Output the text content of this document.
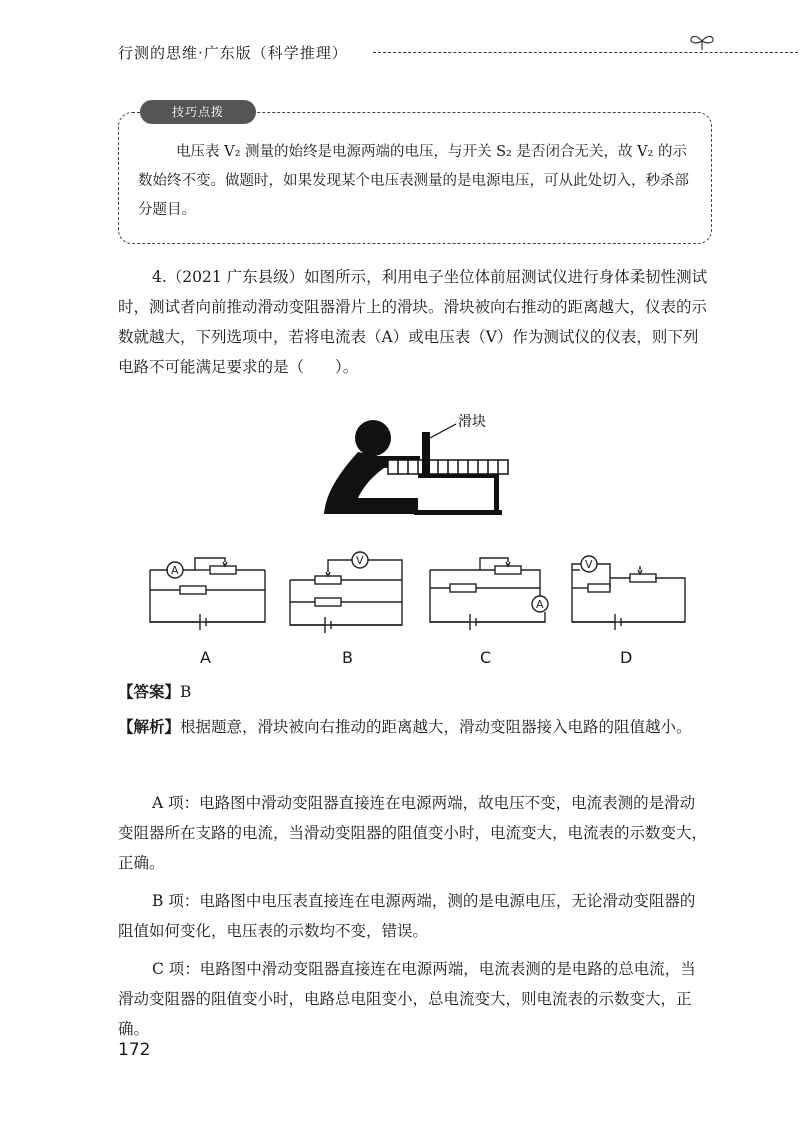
行测的思维·广东版（科学推理）
技巧点拨
电压表 V₂ 测量的始终是电源两端的电压，与开关 S₂ 是否闭合无关，故 V₂ 的示数始终不变。做题时，如果发现某个电压表测量的是电源电压，可从此处切入，秒杀部分题目。
4.（2021 广东县级）如图所示，利用电子坐位体前屈测试仪进行身体柔韧性测试时，测试者向前推动滑动变阻器滑片上的滑块。滑块被向右推动的距离越大，仪表的示数就越大，下列选项中，若将电流表（A）或电压表（V）作为测试仪的仪表，则下列电路不可能满足要求的是（　　）。
滑块
A
V
A
V
A	B	C	D
【答案】B
【解析】根据题意，滑块被向右推动的距离越大，滑动变阻器接入电路的阻值越小。
A 项：电路图中滑动变阻器直接连在电源两端，故电压不变，电流表测的是滑动变阻器所在支路的电流，当滑动变阻器的阻值变小时，电流变大，电流表的示数变大，正确。
B 项：电路图中电压表直接连在电源两端，测的是电源电压，无论滑动变阻器的阻值如何变化，电压表的示数均不变，错误。
C 项：电路图中滑动变阻器直接连在电源两端，电流表测的是电路的总电流，当滑动变阻器的阻值变小时，电路总电阻变小，总电流变大，则电流表的示数变大，正确。
172
